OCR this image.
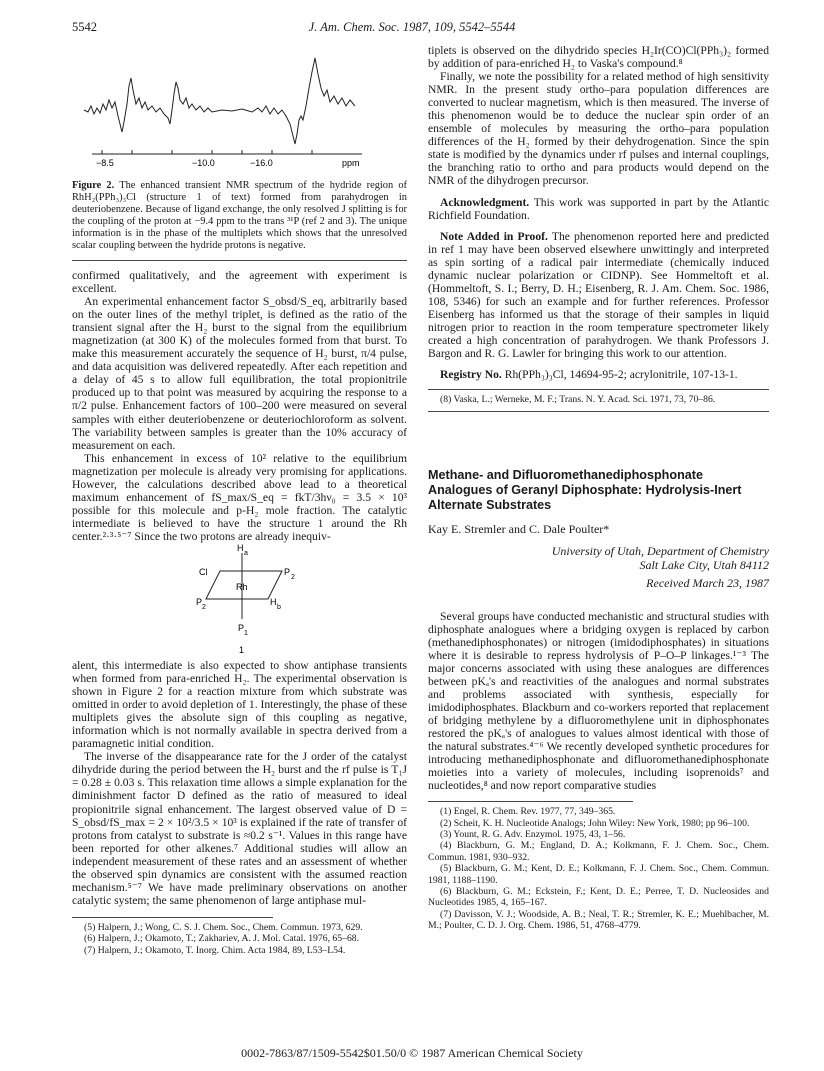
5542	J. Am. Chem. Soc. 1987, 109, 5542–5544
−8.5	−10.0	−16.0	ppm

Figure 2. The enhanced transient NMR spectrum of the hydride region of RhH₂(PPh₃)₃Cl (structure 1 of text) formed from parahydrogen in deuteriobenzene. Because of ligand exchange, the only resolved J splitting is for the coupling of the proton at −9.4 ppm to the trans ³¹P (ref 2 and 3). The unique information is in the phase of the multiplets which shows that the unresolved scalar coupling between the hydride protons is negative.

confirmed qualitatively, and the agreement with experiment is excellent.

An experimental enhancement factor S_obsd/S_eq, arbitrarily based on the outer lines of the methyl triplet, is defined as the ratio of the transient signal after the H₂ burst to the signal from the equilibrium magnetization (at 300 K) of the molecules formed from that burst. To make this measurement accurately the sequence of H₂ burst, π/4 pulse, and data acquisition was delivered repeatedly. After each repetition and a delay of 45 s to allow full equilibration, the total propionitrile produced up to that point was measured by acquiring the response to a π/2 pulse. Enhancement factors of 100–200 were measured on several samples with either deuteriobenzene or deuteriochloroform as solvent. The variability between samples is greater than the 10% accuracy of measurement on each.

This enhancement in excess of 10² relative to the equilibrium magnetization per molecule is already very promising for applications. However, the calculations described above lead to a theoretical maximum enhancement of fS_max/S_eq = fkT/3hν₀ = 3.5 × 10³ possible for this molecule and p-H₂ mole fraction. The catalytic intermediate is believed to have the structure 1 around the Rh center.²·³·⁵⁻⁷ Since the two protons are already inequiv-

H
a
Cl	P
2
Rh
P
2
H
b
P
1
1

alent, this intermediate is also expected to show antiphase transients when formed from para-enriched H₂. The experimental observation is shown in Figure 2 for a reaction mixture from which substrate was omitted in order to avoid depletion of 1. Interestingly, the phase of these multiplets gives the absolute sign of this coupling as negative, information which is not normally available in spectra derived from a paramagnetic initial condition.

The inverse of the disappearance rate for the J order of the catalyst dihydride during the period between the H₂ burst and the rf pulse is T₁J = 0.28 ± 0.03 s. This relaxation time allows a simple explanation for the diminishment factor D defined as the ratio of measured to ideal propionitrile signal enhancement. The largest observed value of D = S_obsd/fS_max = 2 × 10²/3.5 × 10³ is explained if the rate of transfer of protons from catalyst to substrate is ≈0.2 s⁻¹. Values in this range have been reported for other alkenes.⁷ Additional studies will allow an independent measurement of these rates and an assessment of whether the observed spin dynamics are consistent with the assumed reaction mechanism.⁵⁻⁷ We have made preliminary observations on another catalytic system; the same phenomenon of large antiphase mul-

(5) Halpern, J.; Wong, C. S. J. Chem. Soc., Chem. Commun. 1973, 629.
(6) Halpern, J.; Okamoto, T.; Zakhariev, A. J. Mol. Catal. 1976, 65–68.
(7) Halpern, J.; Okamoto, T. Inorg. Chim. Acta 1984, 89, L53–L54.

tiplets is observed on the dihydrido species H₂Ir(CO)Cl(PPh₃)₂ formed by addition of para-enriched H₂ to Vaska's compound.⁸

Finally, we note the possibility for a related method of high sensitivity NMR. In the present study ortho–para population differences are converted to nuclear magnetism, which is then measured. The inverse of this phenomenon would be to deduce the nuclear spin order of an ensemble of molecules by measuring the ortho–para population differences of the H₂ formed by their dehydrogenation. Since the spin state is modified by the dynamics under rf pulses and internal couplings, the branching ratio to ortho and para products would depend on the NMR of the dihydrogen precursor.

Acknowledgment. This work was supported in part by the Atlantic Richfield Foundation.

Note Added in Proof. The phenomenon reported here and predicted in ref 1 may have been observed elsewhere unwittingly and interpreted as spin sorting of a radical pair intermediate (chemically induced dynamic nuclear polarization or CIDNP). See Hommeltoft et al. (Hommeltoft, S. I.; Berry, D. H.; Eisenberg, R. J. Am. Chem. Soc. 1986, 108, 5346) for such an example and for further references. Professor Eisenberg has informed us that the storage of their samples in liquid nitrogen prior to reaction in the room temperature spectrometer likely created a high concentration of parahydrogen. We thank Professors J. Bargon and R. G. Lawler for bringing this work to our attention.

Registry No. Rh(PPh₃)₃Cl, 14694-95-2; acrylonitrile, 107-13-1.

(8) Vaska, L.; Werneke, M. F.; Trans. N. Y. Acad. Sci. 1971, 73, 70–86.
Methane- and Difluoromethanediphosphonate Analogues of Geranyl Diphosphate: Hydrolysis-Inert Alternate Substrates
Kay E. Stremler and C. Dale Poulter*
University of Utah, Department of Chemistry
Salt Lake City, Utah 84112
Received March 23, 1987

Several groups have conducted mechanistic and structural studies with diphosphate analogues where a bridging oxygen is replaced by carbon (methanediphosphonates) or nitrogen (imidodiphosphates) in situations where it is desirable to repress hydrolysis of P–O–P linkages.¹⁻³ The major concerns associated with using these analogues are differences between pKₐ's and reactivities of the analogues and normal substrates and problems associated with synthesis, especially for imidodiphosphates. Blackburn and co-workers reported that replacement of bridging methylene by a difluoromethylene unit in diphosphonates restored the pKₐ's of analogues to values almost identical with those of the natural substrates.⁴⁻⁶ We recently developed synthetic procedures for introducing methanediphosphonate and difluoromethanediphosphonate moieties into a variety of molecules, including isoprenoids⁷ and nucleotides,⁸ and now report comparative studies

(1) Engel, R. Chem. Rev. 1977, 77, 349–365.
(2) Scheit, K. H. Nucleotide Analogs; John Wiley: New York, 1980; pp 96–100.
(3) Yount, R. G. Adv. Enzymol. 1975, 43, 1–56.
(4) Blackburn, G. M.; England, D. A.; Kolkmann, F. J. Chem. Soc., Chem. Commun. 1981, 930–932.
(5) Blackburn, G. M.; Kent, D. E.; Kolkmann, F. J. Chem. Soc., Chem. Commun. 1981, 1188–1190.
(6) Blackburn, G. M.; Eckstein, F.; Kent, D. E.; Perree, T. D. Nucleosides and Nucleotides 1985, 4, 165–167.
(7) Davisson, V. J.; Woodside, A. B.; Neal, T. R.; Stremler, K. E.; Muehlbacher, M. M.; Poulter, C. D. J. Org. Chem. 1986, 51, 4768–4779.
0002-7863/87/1509-5542$01.50/0 © 1987 American Chemical Society
